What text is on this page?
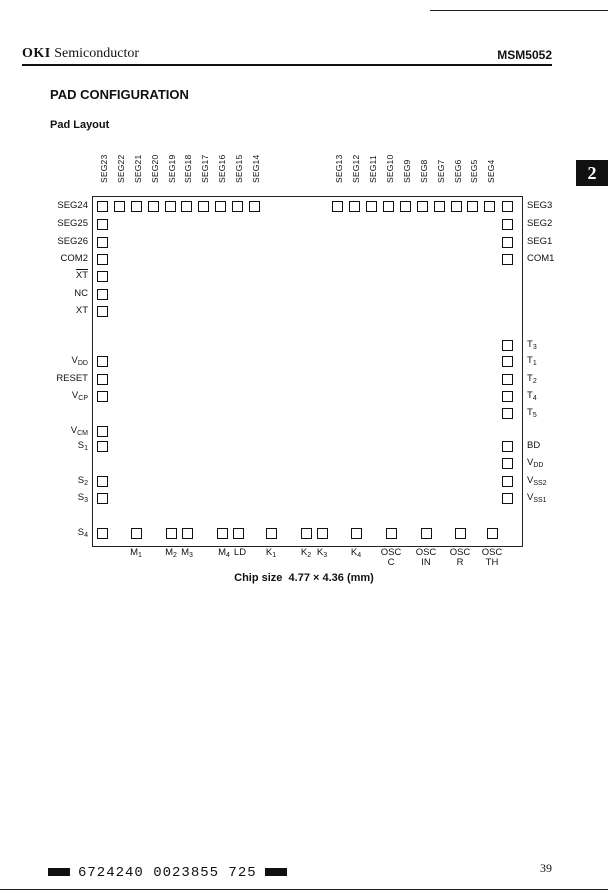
OKI Semiconductor	MSM5052
PAD CONFIGURATION
Pad Layout
2
SEG23 SEG22 SEG21 SEG20 SEG19 SEG18 SEG17 SEG16 SEG15 SEG14	SEG13 SEG12 SEG11 SEG10 SEG9 SEG8 SEG7 SEG6 SEG5 SEG4
SEG24
SEG25
SEG26
COM2
$\overline{XT}$
NC
XT
$V_{DD}$
RESET
$V_{CP}$
$V_{CM}$
$S_1$
$S_2$
$S_3$
$S_4$
SEG3
SEG2
SEG1
COM1
$T_3$
$T_1$
$T_2$
$T_4$
$T_5$
BD
$V_{DD}$
$V_{SS2}$
$V_{SS1}$
$M_1$ $M_2$ $M_3$	$M_4$ LD $K_1$	$K_2$ $K_3$	$K_4$ OSC
C
OSC
IN
OSC
R
OSC
TH
Chip size 4.77 × 4.36 (mm)
6724240 0023855 725	39
